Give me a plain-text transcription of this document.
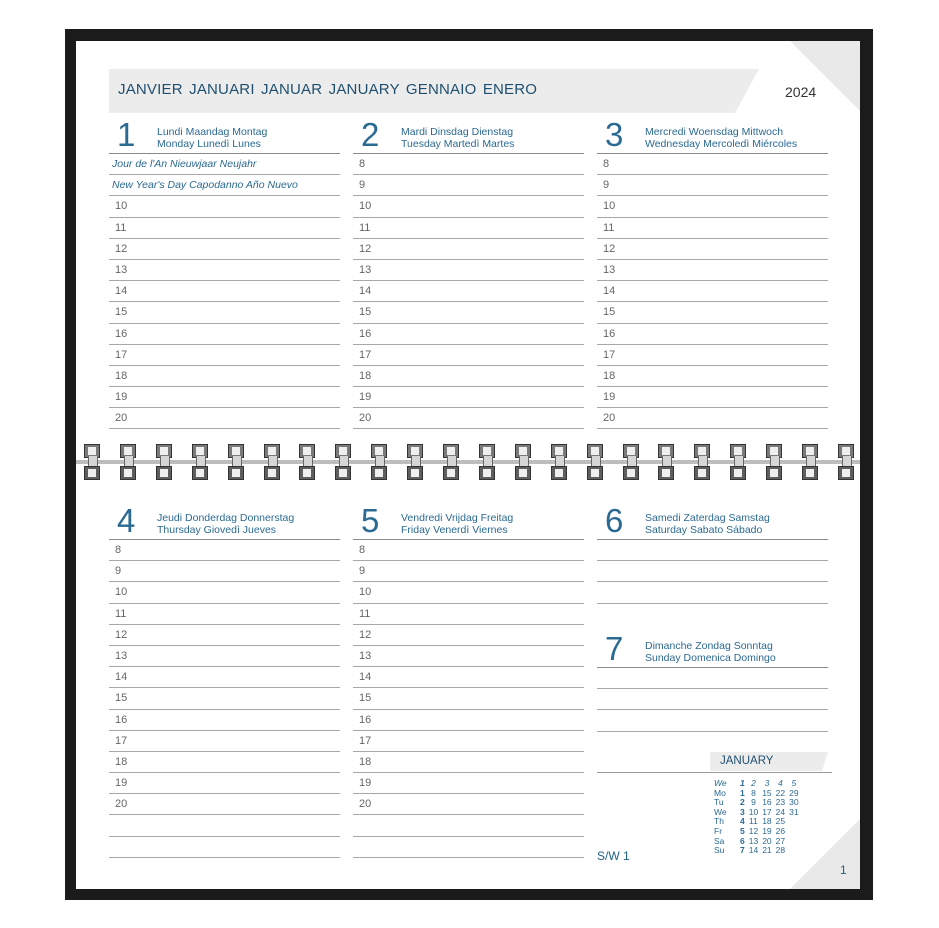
JANVIER JANUARI JANUAR JANUARY GENNAIO ENERO	2024
1 Lundi Maandag Montag
Monday Lunedì Lunes
Jour de l'An Nieuwjaar Neujahr
New Year's Day Capodanno Año Nuevo
10
11
12
13
14
15
16
17
18
19
20
2 Mardi Dinsdag Dienstag
Tuesday Martedì Martes
8
9
10
11
12
13
14
15
16
17
18
19
20
3 Mercredi Woensdag Mittwoch
Wednesday Mercoledì Miércoles
8
9
10
11
12
13
14
15
16
17
18
19
20
4 Jeudi Donderdag Donnerstag
Thursday Giovedì Jueves
8
9
10
11
12
13
14
15
16
17
18
19
20
5 Vendredi Vrijdag Freitag
Friday Venerdì Viernes
8
9
10
11
12
13
14
15
16
17
18
19
20
6 Samedi Zaterdag Samstag
Saturday Sabato Sábado
7 Dimanche Zondag Sonntag
Sunday Domenica Domingo
JANUARY
We	1	2	3	4	5
Mo	1	8	15	22	29
Tu	2	9	16	23	30
We	3	10	17	24	31
Th	4	11	18	25	
Fr	5	12	19	26	
Sa	6	13	20	27	
Su	7	14	21	28	
S/W 1
1
